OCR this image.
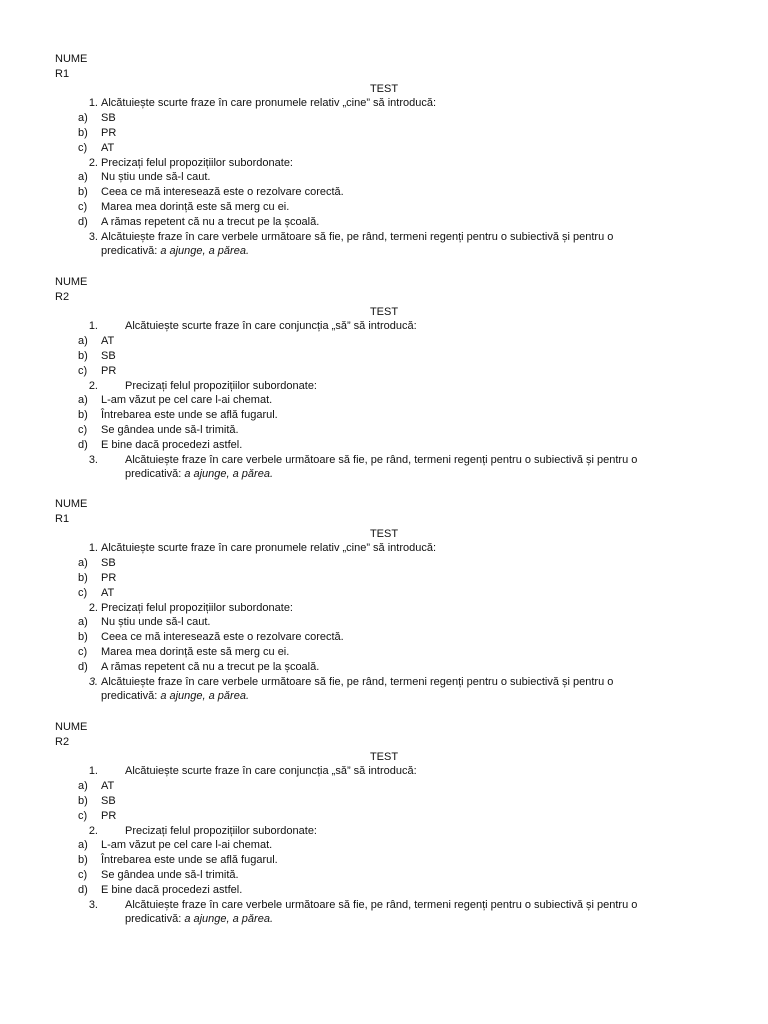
NUME
R1
TEST
1. Alcătuiește scurte fraze în care pronumele relativ „cine” să introducă:
a) SB
b) PR
c) AT
2. Precizați felul propozițiilor subordonate:
a) Nu știu unde să-l caut.
b) Ceea ce mă interesează este o rezolvare corectă.
c) Marea mea dorință este să merg cu ei.
d) A rămas repetent că nu a trecut pe la școală.
3. Alcătuiește fraze în care verbele următoare să fie, pe rând, termeni regenți pentru o subiectivă și pentru o
predicativă: a ajunge, a părea.
NUME
R2
TEST
1. Alcătuiește scurte fraze în care conjuncția „să” să introducă:
a) AT
b) SB
c) PR
2. Precizați felul propozițiilor subordonate:
a) L-am văzut pe cel care l-ai chemat.
b) Întrebarea este unde se află fugarul.
c) Se gândea unde să-l trimită.
d) E bine dacă procedezi astfel.
3. Alcătuiește fraze în care verbele următoare să fie, pe rând, termeni regenți pentru o subiectivă și pentru o
predicativă: a ajunge, a părea.
NUME
R1
TEST
1. Alcătuiește scurte fraze în care pronumele relativ „cine” să introducă:
a) SB
b) PR
c) AT
2. Precizați felul propozițiilor subordonate:
a) Nu știu unde să-l caut.
b) Ceea ce mă interesează este o rezolvare corectă.
c) Marea mea dorință este să merg cu ei.
d) A rămas repetent că nu a trecut pe la școală.
3. Alcătuiește fraze în care verbele următoare să fie, pe rând, termeni regenți pentru o subiectivă și pentru o
predicativă: a ajunge, a părea.
NUME
R2
TEST
1. Alcătuiește scurte fraze în care conjuncția „să” să introducă:
a) AT
b) SB
c) PR
2. Precizați felul propozițiilor subordonate:
a) L-am văzut pe cel care l-ai chemat.
b) Întrebarea este unde se află fugarul.
c) Se gândea unde să-l trimită.
d) E bine dacă procedezi astfel.
3. Alcătuiește fraze în care verbele următoare să fie, pe rând, termeni regenți pentru o subiectivă și pentru o
predicativă: a ajunge, a părea.
